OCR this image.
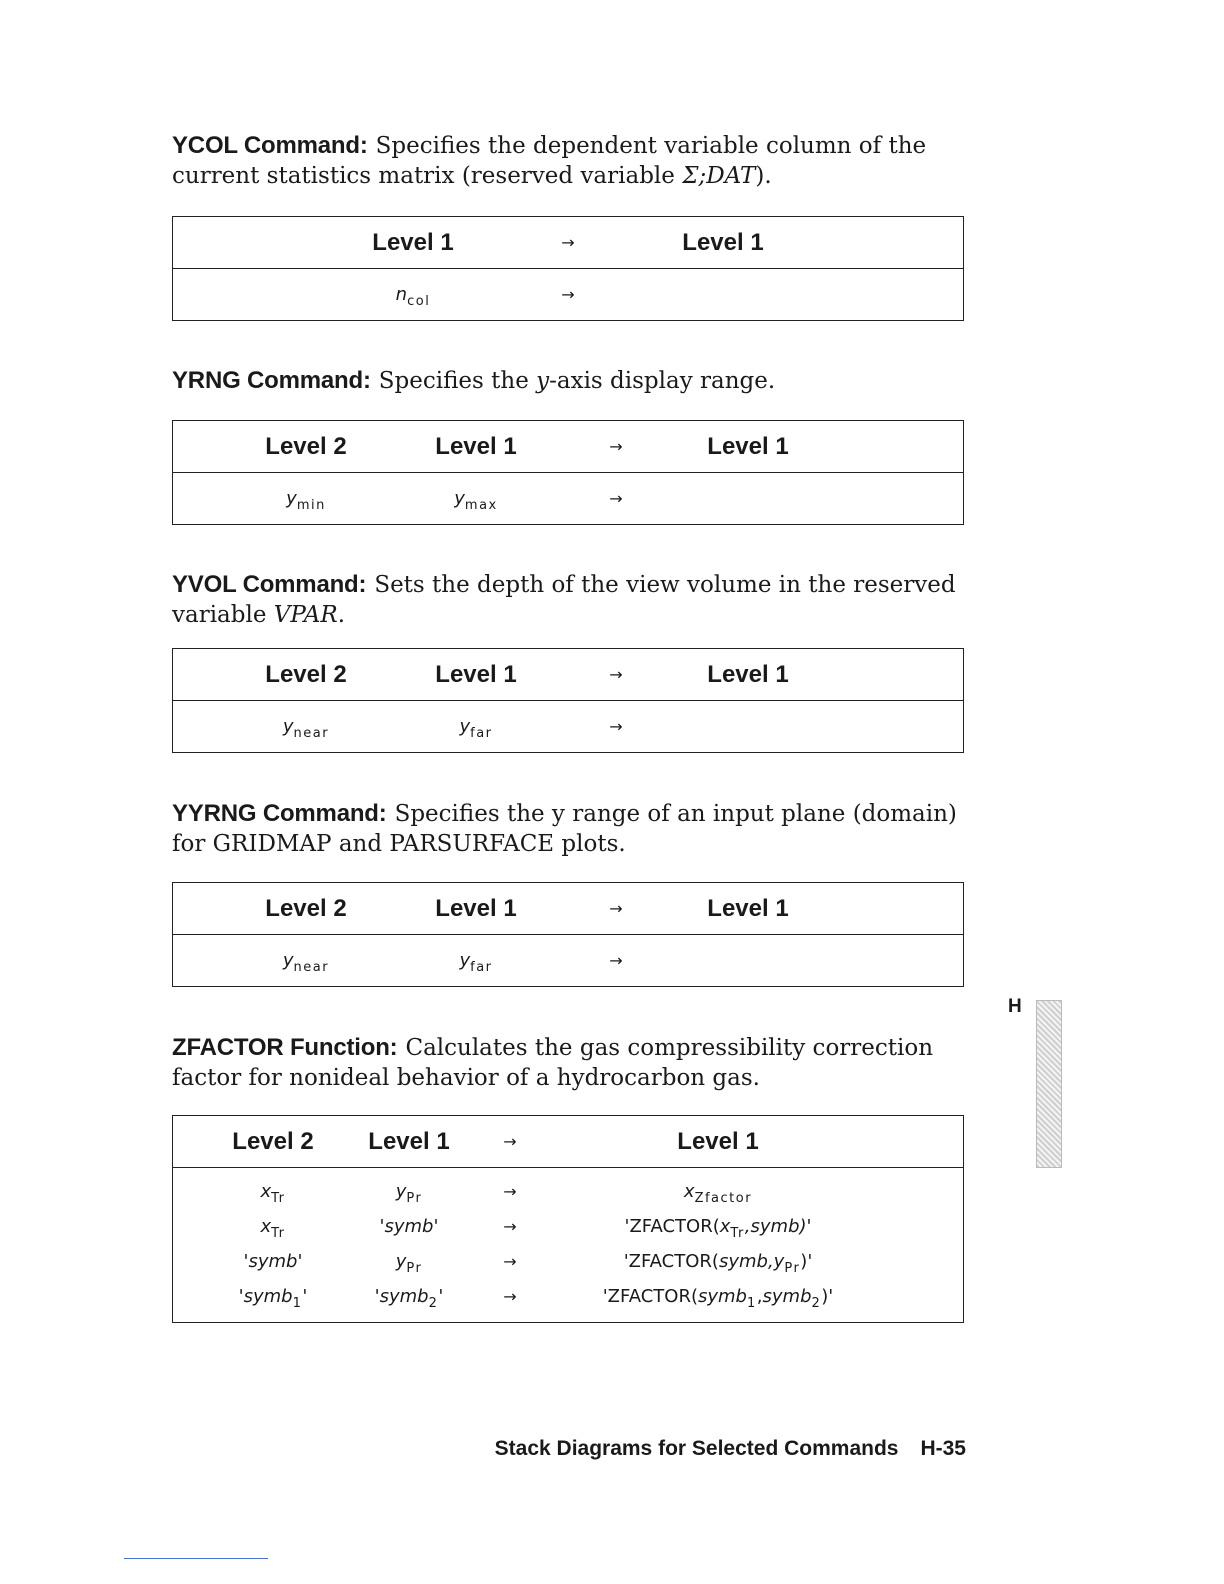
YCOL Command: Specifies the dependent variable column of the
current statistics matrix (reserved variable Σ;DAT).

Level 1	→	Level 1
$n_{col}$	→

YRNG Command: Specifies the y-axis display range.

Level 2	Level 1	→	Level 1
$y_{min}$	$y_{max}$	→

YVOL Command: Sets the depth of the view volume in the reserved
variable VPAR.

Level 2	Level 1	→	Level 1
$y_{near}$	$y_{far}$	→

YYRNG Command: Specifies the y range of an input plane (domain)
for GRIDMAP and PARSURFACE plots.

Level 2	Level 1	→	Level 1
$y_{near}$	$y_{far}$	→

ZFACTOR Function: Calculates the gas compressibility correction
factor for nonideal behavior of a hydrocarbon gas.

Level 2	Level 1	→	Level 1
$x_{Tr}$	$y_{Pr}$	→	$x_{Zfactor}$
$x_{Tr}$	'symb'	→	'$ZFACTOR(x_{Tr},symb)$'
'symb'	$y_{Pr}$	→	'$ZFACTOR(symb,y_{Pr})$'
'symb$_1$'	'symb$_2$'	→	'ZFACTOR(symb$_1$,symb$_2$)'
H
Stack Diagrams for Selected Commands H-35
